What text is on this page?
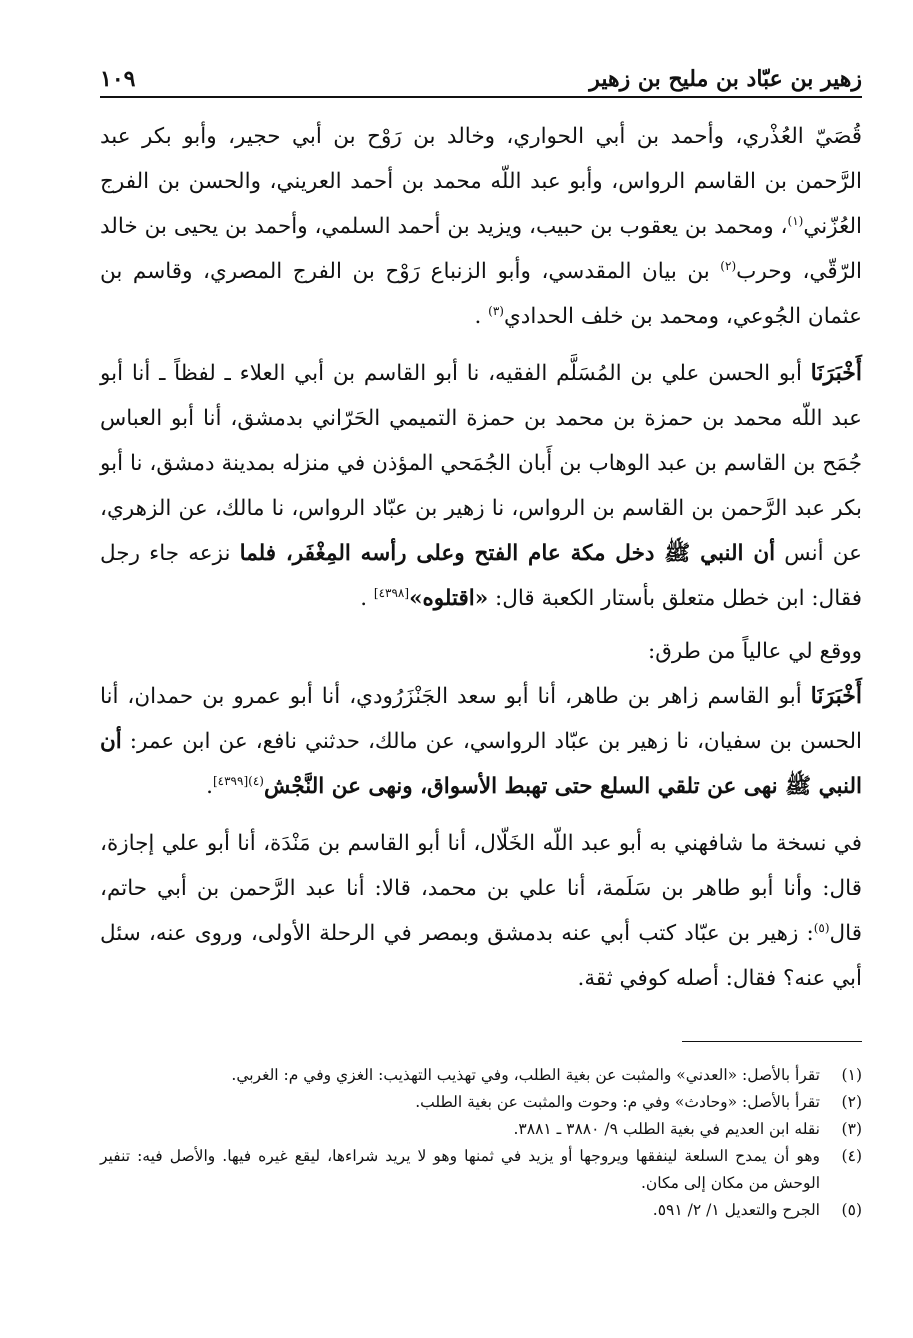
زهير بن عبّاد بن مليح بن زهير
١٠٩

قُصَيّ العُذْري، وأحمد بن أبي الحواري، وخالد بن رَوْح بن أبي حجير، وأبو بكر عبد الرَّحمن بن القاسم الرواس، وأبو عبد اللّه محمد بن أحمد العريني، والحسن بن الفرج العُزّني$^{(١)}$، ومحمد بن يعقوب بن حبيب، ويزيد بن أحمد السلمي، وأحمد بن يحيى بن خالد الرّقّي، وحرب$^{(٢)}$ بن بيان المقدسي، وأبو الزنباع رَوْح بن الفرج المصري، وقاسم بن عثمان الجُوعي، ومحمد بن خلف الحدادي$^{(٣)}$ .

أَخْبَرَنَا أبو الحسن علي بن المُسَلَّم الفقيه، نا أبو القاسم بن أبي العلاء ـ لفظاً ـ أنا أبو عبد اللّه محمد بن حمزة بن محمد بن حمزة التميمي الحَرّاني بدمشق، أنا أبو العباس جُمَح بن القاسم بن عبد الوهاب بن أَبان الجُمَحي المؤذن في منزله بمدينة دمشق، نا أبو بكر عبد الرَّحمن بن القاسم بن الرواس، نا زهير بن عبّاد الرواس، نا مالك، عن الزهري، عن أنس أن النبي ﷺ دخل مكة عام الفتح وعلى رأسه المِغْفَر، فلما نزعه جاء رجل فقال: ابن خطل متعلق بأستار الكعبة قال: «اقتلوه»[٤٣٩٨] .

ووقع لي عالياً من طرق:

أَخْبَرَنَا أبو القاسم زاهر بن طاهر، أنا أبو سعد الجَنْزَرُودي، أنا أبو عمرو بن حمدان، أنا الحسن بن سفيان، نا زهير بن عبّاد الرواسي، عن مالك، حدثني نافع، عن ابن عمر: أن النبي ﷺ نهى عن تلقي السلع حتى تهبط الأسواق، ونهى عن النَّجْش$^{(٤)[٤٣٩٩]}$.

في نسخة ما شافهني به أبو عبد اللّه الخَلّال، أنا أبو القاسم بن مَنْدَة، أنا أبو علي إجازة، قال: وأنا أبو طاهر بن سَلَمة، أنا علي بن محمد، قالا: أنا عبد الرَّحمن بن أبي حاتم، قال$^{(٥)}$: زهير بن عبّاد كتب أبي عنه بدمشق وبمصر في الرحلة الأولى، وروى عنه، سئل أبي عنه؟ فقال: أصله كوفي ثقة.

(١)
تقرأ بالأصل: «العدني» والمثبت عن بغية الطلب، وفي تهذيب التهذيب: الغزي وفي م: الغربي.
(٢)
تقرأ بالأصل: «وحادث» وفي م: وحوت والمثبت عن بغية الطلب.
(٣)
نقله ابن العديم في بغية الطلب ٩/ ٣٨٨٠ ـ ٣٨٨١.
(٤)
وهو أن يمدح السلعة لينفقها ويروجها أو يزيد في ثمنها وهو لا يريد شراءها، ليقع غيره فيها. والأصل فيه: تنفير الوحش من مكان إلى مكان.
(٥)
الجرح والتعديل ١/ ٢/ ٥٩١.
